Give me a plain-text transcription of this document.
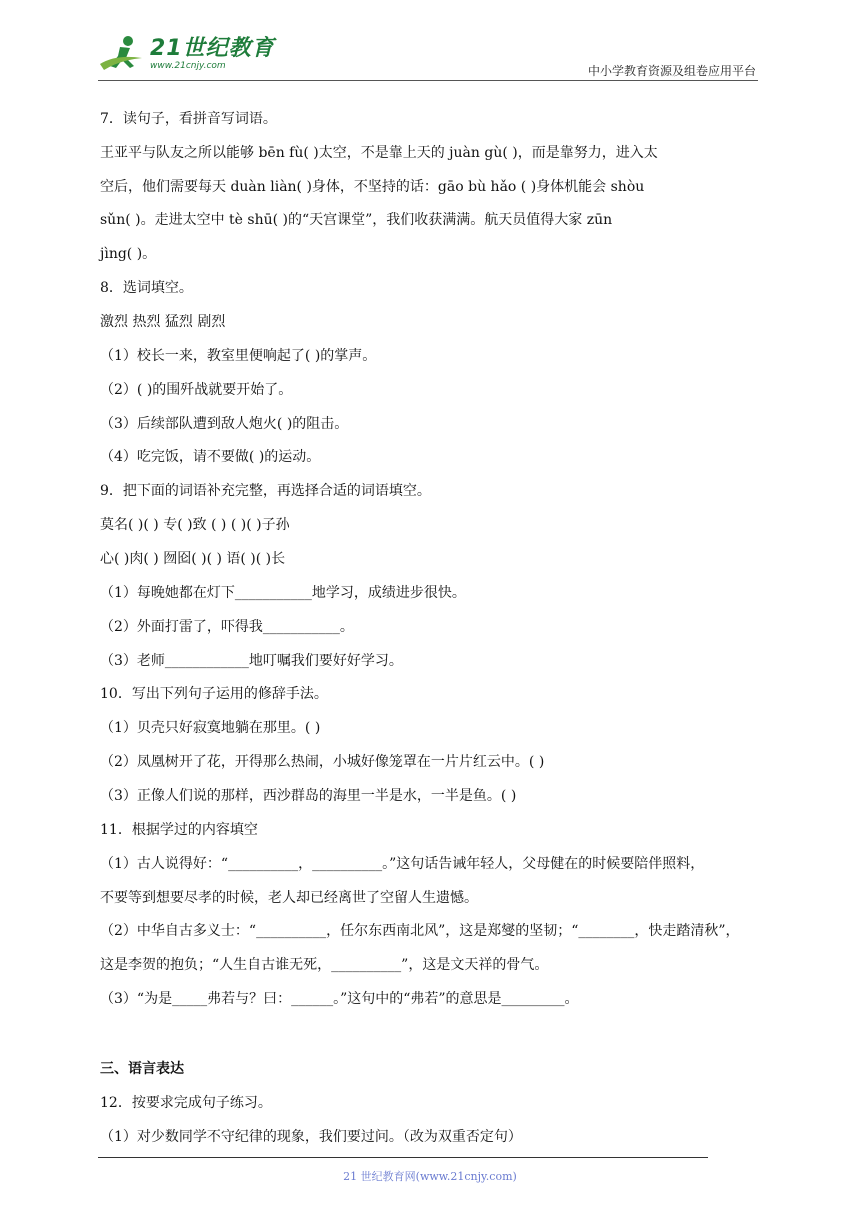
21世纪教育
www.21cnjy.com	中小学教育资源及组卷应用平台
7．读句子，看拼音写词语。
王亚平与队友之所以能够 bēn fù( )太空，不是靠上天的 juàn gù( )，而是靠努力，进入太
空后，他们需要每天 duàn liàn( )身体，不坚持的话：gāo bù hǎo ( )身体机能会 shòu
sǔn( )。走进太空中 tè shū( )的“天宫课堂”，我们收获满满。航天员值得大家 zūn
jìng( )。
8．选词填空。
激烈 热烈 猛烈 剧烈
（1）校长一来，教室里便响起了( )的掌声。
（2）( )的围歼战就要开始了。
（3）后续部队遭到敌人炮火( )的阻击。
（4）吃完饭，请不要做( )的运动。
9．把下面的词语补充完整，再选择合适的词语填空。
莫名( )( ) 专( )致 ( ) ( )( )子孙
心( )肉( ) 囫囵( )( ) 语( )( )长
（1）每晚她都在灯下___________地学习，成绩进步很快。
（2）外面打雷了，吓得我___________。
（3）老师____________地叮嘱我们要好好学习。
10．写出下列句子运用的修辞手法。
（1）贝壳只好寂寞地躺在那里。( )
（2）凤凰树开了花，开得那么热闹，小城好像笼罩在一片片红云中。( )
（3）正像人们说的那样，西沙群岛的海里一半是水，一半是鱼。( )
11．根据学过的内容填空
（1）古人说得好：“__________，__________。”这句话告诫年轻人，父母健在的时候要陪伴照料，
不要等到想要尽孝的时候，老人却已经离世了空留人生遗憾。
（2）中华自古多义士：“__________，任尔东西南北风”，这是郑燮的坚韧；“________，快走踏清秋”，
这是李贺的抱负；“人生自古谁无死，__________”，这是文天祥的骨气。
（3）“为是_____弗若与？曰：______。”这句中的“弗若”的意思是_________。
三、语言表达
12．按要求完成句子练习。
（1）对少数同学不守纪律的现象，我们要过问。（改为双重否定句）
21 世纪教育网(www.21cnjy.com)
